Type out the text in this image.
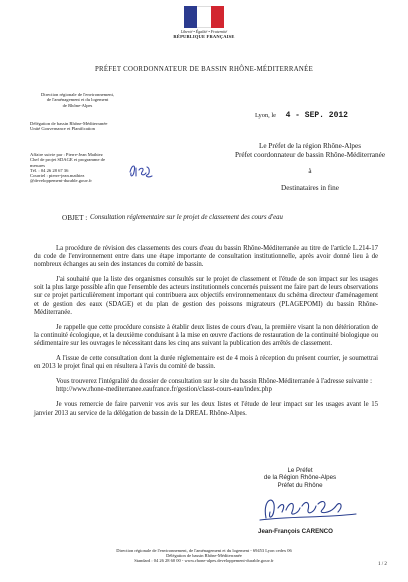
Liberté • Égalité • Fraternité
RÉPUBLIQUE FRANÇAISE
PRÉFET COORDONNATEUR DE BASSIN RHÔNE-MÉDITERRANÉE
Direction régionale de l'environnement,
de l'aménagement et du logement
de Rhône-Alpes
Délégation de bassin Rhône-Méditerranée
Unité Gouvernance et Planification
Lyon, le 4 - SEP. 2012
Le Préfet de la région Rhône-Alpes
Préfet coordonnateur de bassin Rhône-Méditerranée
à
Destinataires in fine
Affaire suivie par : Pierre-Jean Mathiez
Chef de projet SDAGE et programme de
mesures
Tél. : 04 26 28 67 36
Courriel : pierre-jean.mathiez
@developpement-durable.gouv.fr
OBJET : Consultation réglementaire sur le projet de classement des cours d'eau

La procédure de révision des classements des cours d'eau du bassin Rhône-Méditerranée au titre de l'article L.214-17 du code de l'environnement entre dans une étape importante de consultation institutionnelle, après avoir donné lieu à de nombreux échanges au sein des instances du comité de bassin.

J'ai souhaité que la liste des organismes consultés sur le projet de classement et l'étude de son impact sur les usages soit la plus large possible afin que l'ensemble des acteurs institutionnels concernés puissent me faire part de leurs observations sur ce projet particulièrement important qui contribuera aux objectifs environnementaux du schéma directeur d'aménagement et de gestion des eaux (SDAGE) et du plan de gestion des poissons migrateurs (PLAGEPOMI) du bassin Rhône-Méditerranée.

Je rappelle que cette procédure consiste à établir deux listes de cours d'eau, la première visant la non détérioration de la continuité écologique, et la deuxième conduisant à la mise en œuvre d'actions de restauration de la continuité biologique ou sédimentaire sur les ouvrages le nécessitant dans les cinq ans suivant la publication des arrêtés de classement.

A l'issue de cette consultation dont la durée réglementaire est de 4 mois à réception du présent courrier, je soumettrai en 2013 le projet final qui en résultera à l'avis du comité de bassin.

Vous trouverez l'intégralité du dossier de consultation sur le site du bassin Rhône-Méditerranée à l'adresse suivante :

http://www.rhone-mediterranee.eaufrance.fr/gestion/classt-cours-eau/index.php

Je vous remercie de faire parvenir vos avis sur les deux listes et l'étude de leur impact sur les usages avant le 15 janvier 2013 au service de la délégation de bassin de la DREAL Rhône-Alpes.

Le Préfet
de la Région Rhône-Alpes
Préfet du Rhône
Jean-François CARENCO
Direction régionale de l'environnement, de l'aménagement et du logement - 69453 Lyon cedex 06
Délégation de bassin Rhône-Méditerranée
Standard : 04 26 28 60 00 - www.rhone-alpes.developpement-durable.gouv.fr
1 / 2
